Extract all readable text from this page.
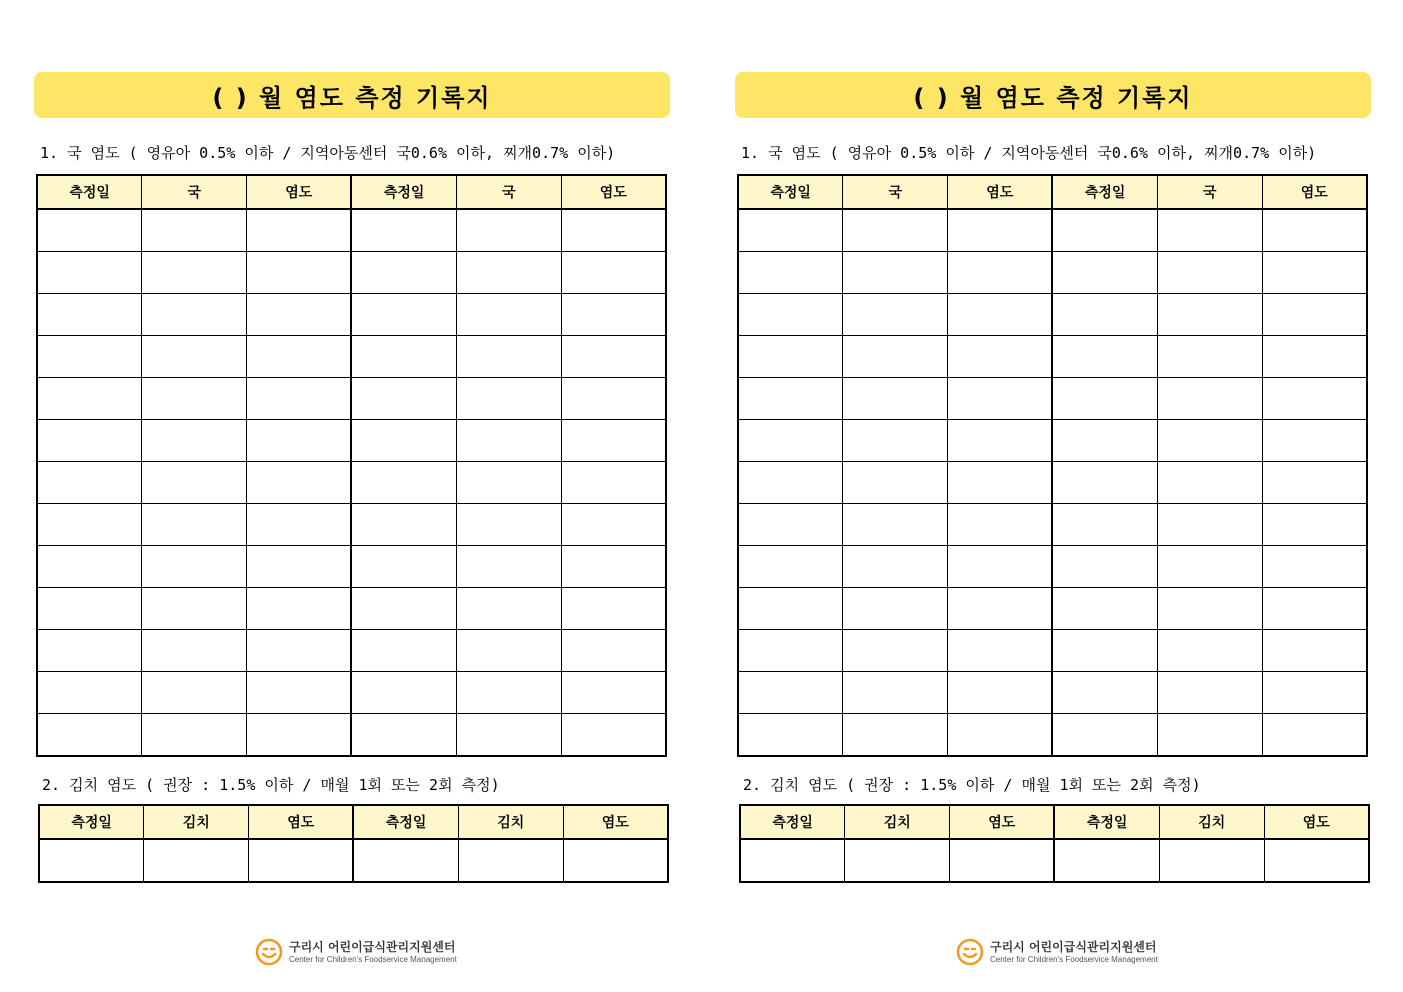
( ) 월 염도 측정 기록지
1. 국 염도 ( 영유아 0.5% 이하 / 지역아동센터 국0.6% 이하, 찌개0.7% 이하)
측정일	국	염도	측정일	국	염도

2. 김치 염도 ( 권장 : 1.5% 이하 / 매월 1회 또는 2회 측정)
측정일	김치	염도	측정일	김치	염도

구리시 어린이급식관리지원센터
Center for Children's Foodservice Management
( ) 월 염도 측정 기록지
1. 국 염도 ( 영유아 0.5% 이하 / 지역아동센터 국0.6% 이하, 찌개0.7% 이하)
측정일	국	염도	측정일	국	염도

2. 김치 염도 ( 권장 : 1.5% 이하 / 매월 1회 또는 2회 측정)
측정일	김치	염도	측정일	김치	염도

구리시 어린이급식관리지원센터
Center for Children's Foodservice Management
